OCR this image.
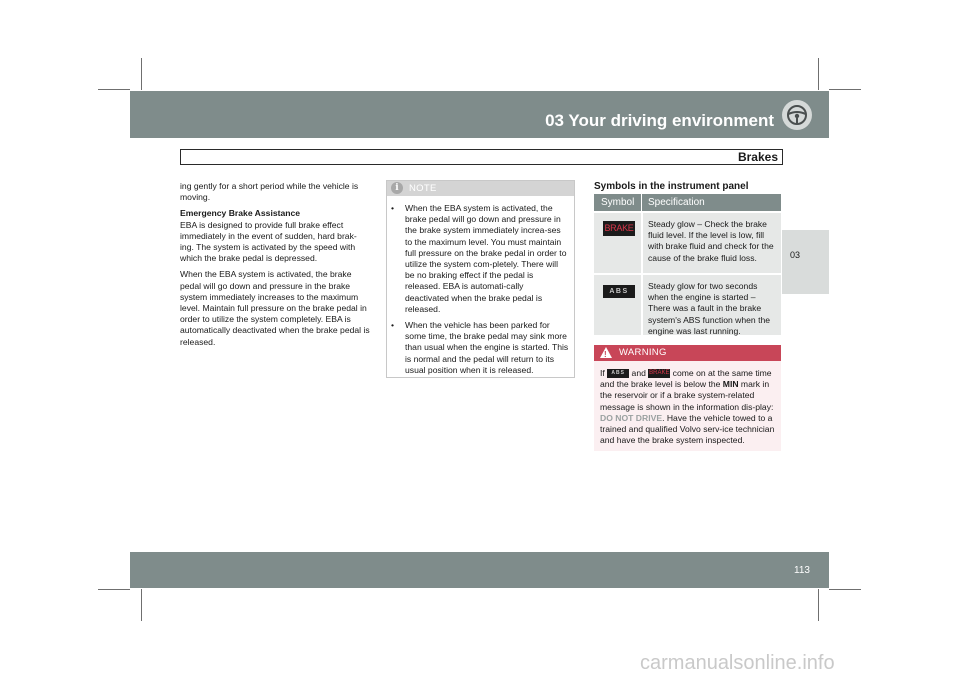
03 Your driving environment
Brakes
03

ing gently for a short period while the vehicle is moving.

Emergency Brake Assistance
EBA is designed to provide full brake effect immediately in the event of sudden, hard brak-ing. The system is activated by the speed with which the brake pedal is depressed.

When the EBA system is activated, the brake pedal will go down and pressure in the brake system immediately increases to the maximum level. Maintain full pressure on the brake pedal in order to utilize the system completely. EBA is automatically deactivated when the brake pedal is released.

i	NOTE
• When the EBA system is activated, the brake pedal will go down and pressure in the brake system immediately increa-ses to the maximum level. You must maintain full pressure on the brake pedal in order to utilize the system com-pletely. There will be no braking effect if the pedal is released. EBA is automati-cally deactivated when the brake pedal is released.
• When the vehicle has been parked for some time, the brake pedal may sink more than usual when the engine is started. This is normal and the pedal will return to its usual position when it is released.
Symbols in the instrument panel
Symbol Specification
BRAKE Steady glow – Check the brake fluid level. If the level is low, fill with brake fluid and check for the cause of the brake fluid loss.
ABS
Steady glow for two seconds when the engine is started – There was a fault in the brake system's ABS function when the engine was last running.
! WARNING
If ABS and BRAKE come on at the same time and the brake level is below the MIN mark in the reservoir or if a brake system-related message is shown in the information dis-play: DO NOT DRIVE. Have the vehicle towed to a trained and qualified Volvo serv-ice technician and have the brake system inspected.
113
carmanualsonline.info
